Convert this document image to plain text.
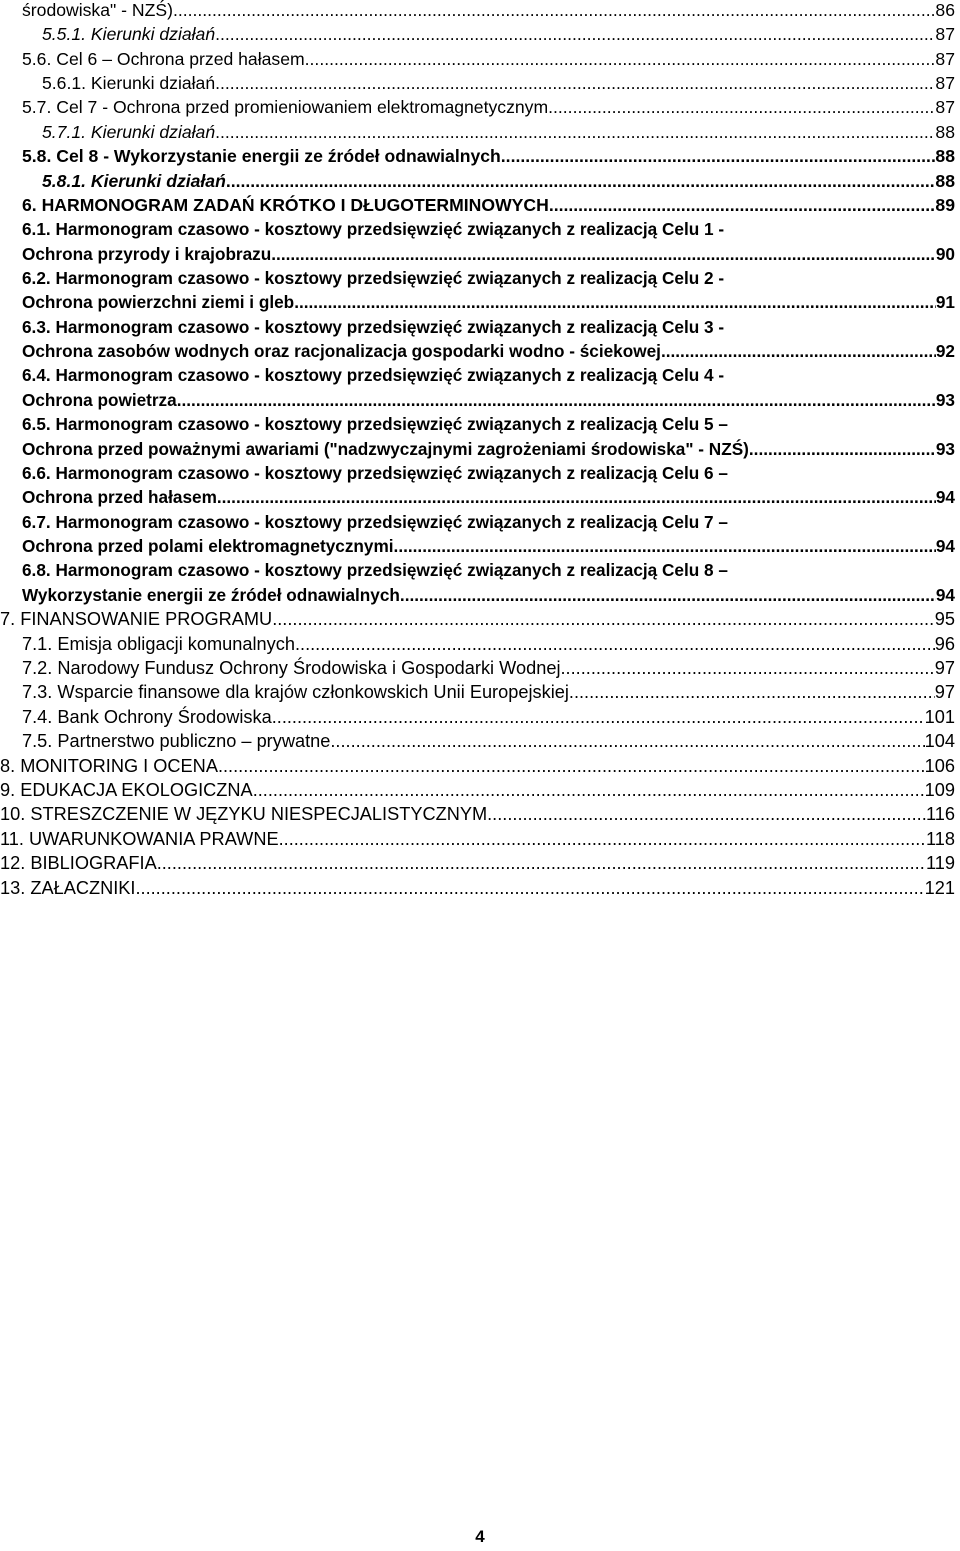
środowiska" - NZŚ) .....	86
5.5.1.
Kierunki działań .....	87
5.6.
Cel 6 – Ochrona przed hałasem .....	87
5.6.1.
Kierunki działań .....	87
5.7.
Cel 7 - Ochrona przed promieniowaniem elektromagnetycznym .....	87
5.7.1.
Kierunki działań .....	88
5.8.
Cel 8 - Wykorzystanie energii ze źródeł odnawialnych .....	88
5.8.1.
Kierunki działań .....	88
6.
HARMONOGRAM ZADAŃ KRÓTKO I DŁUGOTERMINOWYCH .....	89
6.1.
Harmonogram czasowo - kosztowy przedsięwzięć związanych z realizacją Celu 1 -
Ochrona przyrody i krajobrazu .....	90
6.2.
Harmonogram czasowo - kosztowy przedsięwzięć związanych z realizacją Celu 2 -
Ochrona powierzchni ziemi i gleb .....	91
6.3.
Harmonogram czasowo - kosztowy przedsięwzięć związanych z realizacją Celu 3 -
Ochrona zasobów wodnych oraz racjonalizacja gospodarki wodno - ściekowej .....	92
6.4.
Harmonogram czasowo - kosztowy przedsięwzięć związanych z realizacją Celu 4 -
Ochrona powietrza .....	93
6.5.
Harmonogram czasowo - kosztowy przedsięwzięć związanych z realizacją Celu 5 –
Ochrona przed poważnymi awariami ("nadzwyczajnymi zagrożeniami środowiska" - NZŚ) .....	93
6.6.
Harmonogram czasowo - kosztowy przedsięwzięć związanych z realizacją Celu 6 –
Ochrona przed hałasem .....	94
6.7.
Harmonogram czasowo - kosztowy przedsięwzięć związanych z realizacją Celu 7 –
Ochrona przed polami elektromagnetycznymi .....	94
6.8.
Harmonogram czasowo - kosztowy przedsięwzięć związanych z realizacją Celu 8 –
Wykorzystanie energii ze źródeł odnawialnych .....	94
7.
FINANSOWANIE PROGRAMU .....	95
7.1.
Emisja obligacji komunalnych .....	96
7.2.
Narodowy Fundusz Ochrony Środowiska i Gospodarki Wodnej .....	97
7.3.
Wsparcie finansowe dla krajów członkowskich Unii Europejskiej .....	97
7.4.
Bank Ochrony Środowiska .....	101
7.5.
Partnerstwo publiczno – prywatne .....	104
8.
MONITORING I OCENA .....	106
9.
EDUKACJA EKOLOGICZNA .....	109
10.
STRESZCZENIE W JĘZYKU NIESPECJALISTYCZNYM .....	116
11.
UWARUNKOWANIA PRAWNE .....	118
12.
BIBLIOGRAFIA .....	119
13.
ZAŁACZNIKI .....	121
4
